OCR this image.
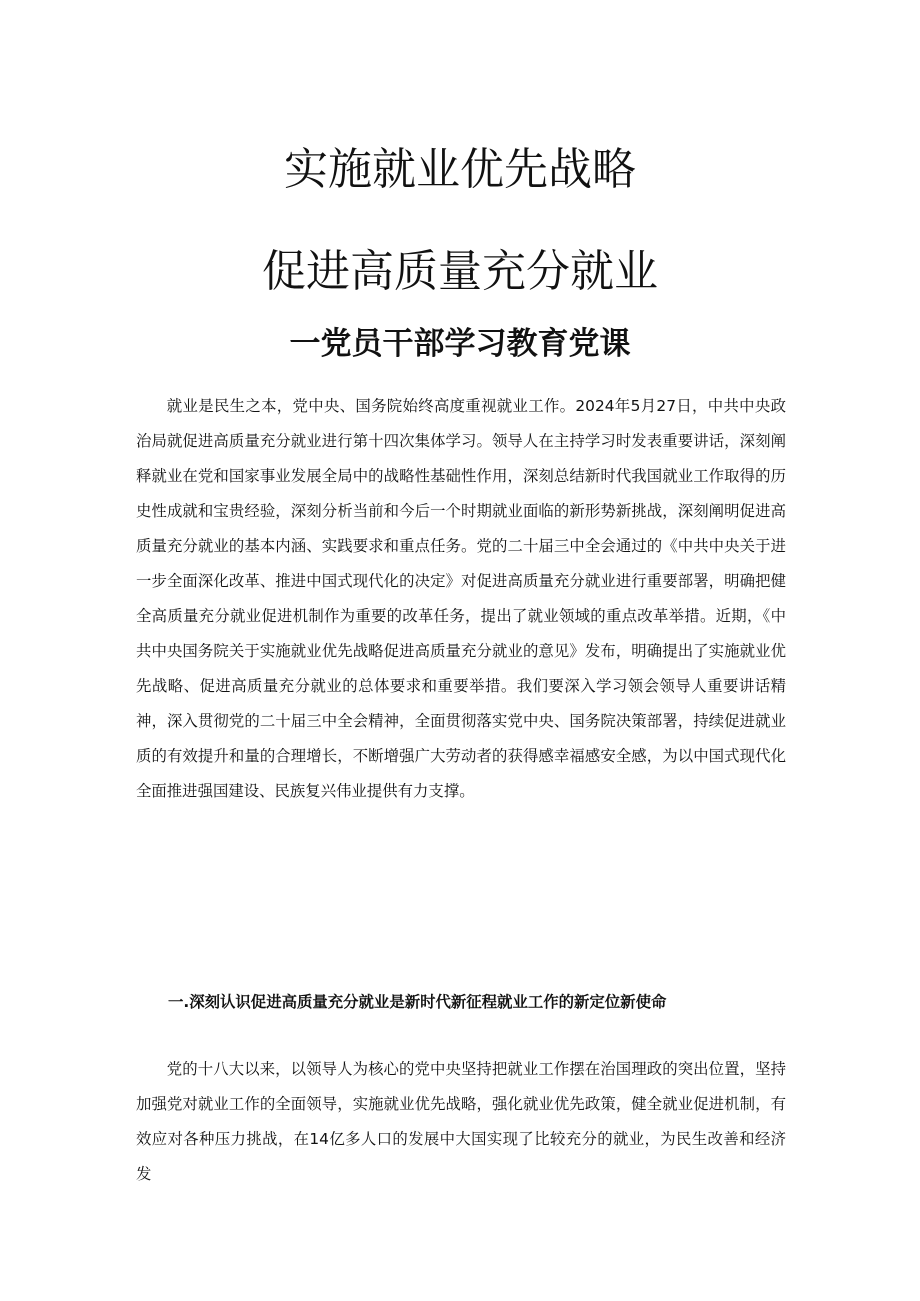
实施就业优先战略
促进高质量充分就业
一党员干部学习教育党课

就业是民生之本，党中央、国务院始终高度重视就业工作。2024年5月27日，中共中央政治局就促进高质量充分就业进行第十四次集体学习。领导人在主持学习时发表重要讲话，深刻阐释就业在党和国家事业发展全局中的战略性基础性作用，深刻总结新时代我国就业工作取得的历史性成就和宝贵经验，深刻分析当前和今后一个时期就业面临的新形势新挑战，深刻阐明促进高质量充分就业的基本内涵、实践要求和重点任务。党的二十届三中全会通过的《中共中央关于进一步全面深化改革、推进中国式现代化的决定》对促进高质量充分就业进行重要部署，明确把健全高质量充分就业促进机制作为重要的改革任务，提出了就业领域的重点改革举措。近期，《中共中央国务院关于实施就业优先战略促进高质量充分就业的意见》发布，明确提出了实施就业优先战略、促进高质量充分就业的总体要求和重要举措。我们要深入学习领会领导人重要讲话精神，深入贯彻党的二十届三中全会精神，全面贯彻落实党中央、国务院决策部署，持续促进就业质的有效提升和量的合理增长，不断增强广大劳动者的获得感幸福感安全感，为以中国式现代化全面推进强国建设、民族复兴伟业提供有力支撑。

一.深刻认识促进高质量充分就业是新时代新征程就业工作的新定位新使命

党的十八大以来，以领导人为核心的党中央坚持把就业工作摆在治国理政的突出位置，坚持加强党对就业工作的全面领导，实施就业优先战略，强化就业优先政策，健全就业促进机制，有效应对各种压力挑战，在14亿多人口的发展中大国实现了比较充分的就业，为民生改善和经济发
